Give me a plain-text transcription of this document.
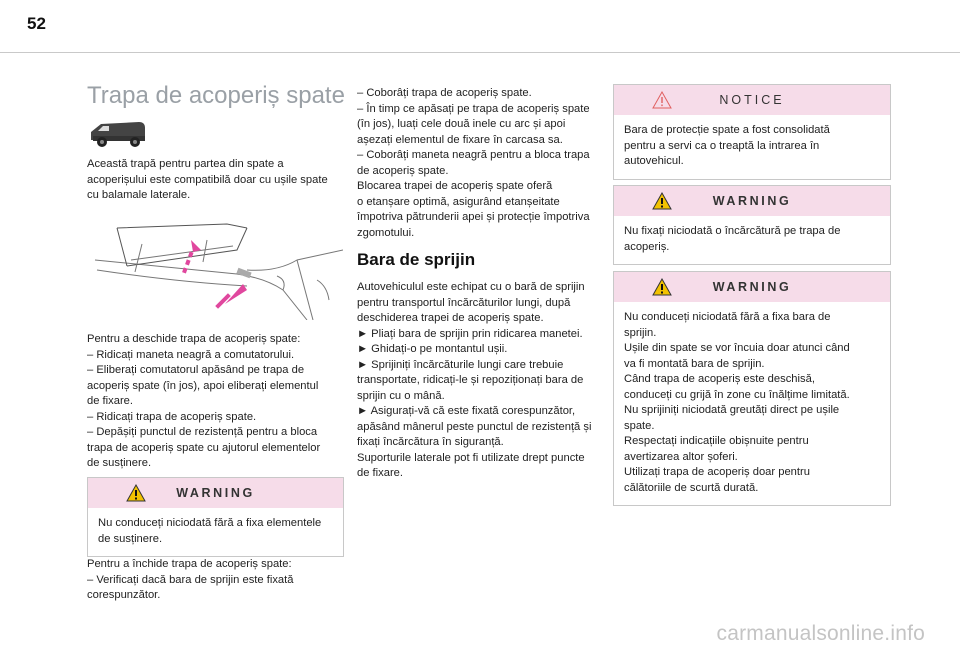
52
Trapa de acoperiș spate

Această trapă pentru partea din spate a

acoperișului este compatibilă doar cu ușile spate

cu balamale laterale.

Pentru a deschide trapa de acoperiș spate:

– Ridicați maneta neagră a comutatorului.

– Eliberați comutatorul apăsând pe trapa de

acoperiș spate (în jos), apoi eliberați elementul

de fixare.

– Ridicați trapa de acoperiș spate.

– Depășiți punctul de rezistență pentru a bloca

trapa de acoperiș spate cu ajutorul elementelor

de susținere.

WARNING

Nu conduceți niciodată fără a fixa elementele

de susținere.

Pentru a închide trapa de acoperiș spate:

– Verificați dacă bara de sprijin este fixată

corespunzător.

– Coborâți trapa de acoperiș spate.

– În timp ce apăsați pe trapa de acoperiș spate

(în jos), luați cele două inele cu arc și apoi

așezați elementul de fixare în carcasa sa.

– Coborâți maneta neagră pentru a bloca trapa

de acoperiș spate.

Blocarea trapei de acoperiș spate oferă

o etanșare optimă, asigurând etanșeitate

împotriva pătrunderii apei și protecție împotriva

zgomotului.

Bara de sprijin

Autovehiculul este echipat cu o bară de sprijin

pentru transportul încărcăturilor lungi, după

deschiderea trapei de acoperiș spate.

► Pliați bara de sprijin prin ridicarea manetei.

► Ghidați-o pe montantul ușii.

► Sprijiniți încărcăturile lungi care trebuie

transportate, ridicați-le și repoziționați bara de

sprijin cu o mână.

► Asigurați-vă că este fixată corespunzător,

apăsând mânerul peste punctul de rezistență și

fixați încărcătura în siguranță.

Suporturile laterale pot fi utilizate drept puncte

de fixare.

NOTICE

Bara de protecție spate a fost consolidată

pentru a servi ca o treaptă la intrarea în

autovehicul.

WARNING

Nu fixați niciodată o încărcătură pe trapa de

acoperiș.

WARNING

Nu conduceți niciodată fără a fixa bara de

sprijin.

Ușile din spate se vor încuia doar atunci când

va fi montată bara de sprijin.

Când trapa de acoperiș este deschisă,

conduceți cu grijă în zone cu înălțime limitată.

Nu sprijiniți niciodată greutăți direct pe ușile

spate.

Respectați indicațiile obișnuite pentru

avertizarea altor șoferi.

Utilizați trapa de acoperiș doar pentru

călătoriile de scurtă durată.

carmanualsonline.info
